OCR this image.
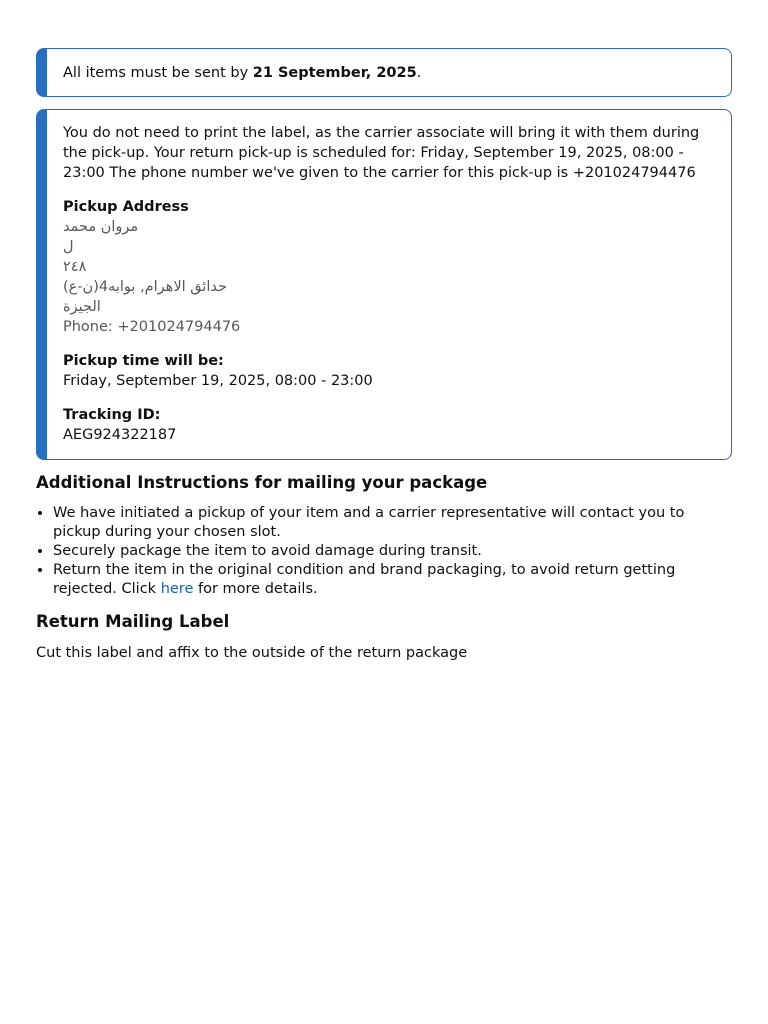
All items must be sent by 21 September, 2025.
You do not need to print the label, as the carrier associate will bring it with them during the pick-up. Your return pick-up is scheduled for: Friday, September 19, 2025, 08:00 - 23:00 The phone number we've given to the carrier for this pick-up is +201024794476
Pickup Address
مروان محمد
ل
٢٤٨
حدائق الاهرام, بوابه4(ن-ع)
الجيزة
Phone: +201024794476
Pickup time will be:
Friday, September 19, 2025, 08:00 - 23:00
Tracking ID:
AEG924322187
Additional Instructions for mailing your package
• We have initiated a pickup of your item and a carrier representative will contact you to pickup during your chosen slot.
• Securely package the item to avoid damage during transit.
• Return the item in the original condition and brand packaging, to avoid return getting rejected. Click here for more details.
Return Mailing Label
Cut this label and affix to the outside of the return package
